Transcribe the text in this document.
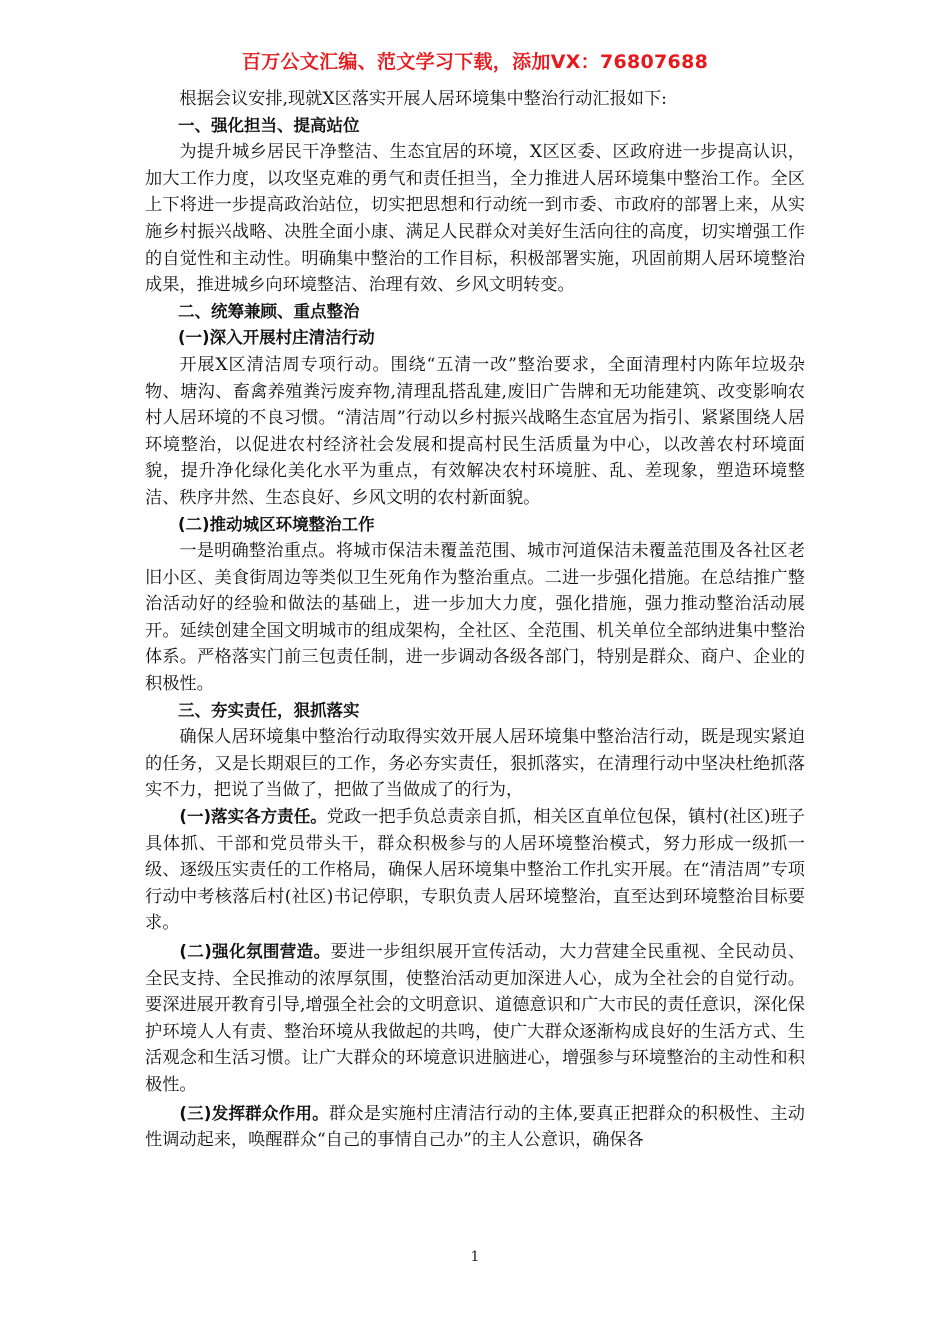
百万公文汇编、范文学习下载，添加VX：76807688

根据会议安排,现就X区落实开展人居环境集中整治行动汇报如下:

一、强化担当、提高站位

为提升城乡居民干净整洁、生态宜居的环境，X区区委、区政府进一步提高认识，加大工作力度，以攻坚克难的勇气和责任担当，全力推进人居环境集中整治工作。全区上下将进一步提高政治站位，切实把思想和行动统一到市委、市政府的部署上来，从实施乡村振兴战略、决胜全面小康、满足人民群众对美好生活向往的高度，切实增强工作的自觉性和主动性。明确集中整治的工作目标，积极部署实施，巩固前期人居环境整治成果，推进城乡向环境整洁、治理有效、乡风文明转变。

二、统筹兼顾、重点整治

(一)深入开展村庄清洁行动

开展X区清洁周专项行动。围绕“五清一改”整治要求，全面清理村内陈年垃圾杂物、塘沟、畜禽养殖粪污废弃物,清理乱搭乱建,废旧广告牌和无功能建筑、改变影响农村人居环境的不良习惯。“清洁周”行动以乡村振兴战略生态宜居为指引、紧紧围绕人居环境整治，以促进农村经济社会发展和提高村民生活质量为中心，以改善农村环境面貌，提升净化绿化美化水平为重点，有效解决农村环境脏、乱、差现象，塑造环境整洁、秩序井然、生态良好、乡风文明的农村新面貌。

(二)推动城区环境整治工作

一是明确整治重点。将城市保洁未覆盖范围、城市河道保洁未覆盖范围及各社区老旧小区、美食街周边等类似卫生死角作为整治重点。二进一步强化措施。在总结推广整治活动好的经验和做法的基础上，进一步加大力度，强化措施，强力推动整治活动展开。延续创建全国文明城市的组成架构，全社区、全范围、机关单位全部纳进集中整治体系。严格落实门前三包责任制，进一步调动各级各部门，特别是群众、商户、企业的积极性。

三、夯实责任，狠抓落实

确保人居环境集中整治行动取得实效开展人居环境集中整治洁行动，既是现实紧迫的任务，又是长期艰巨的工作，务必夯实责任，狠抓落实，在清理行动中坚决杜绝抓落实不力，把说了当做了，把做了当做成了的行为，

(一)落实各方责任。党政一把手负总责亲自抓，相关区直单位包保，镇村(社区)班子具体抓、干部和党员带头干，群众积极参与的人居环境整治模式，努力形成一级抓一级、逐级压实责任的工作格局，确保人居环境集中整治工作扎实开展。在“清洁周”专项行动中考核落后村(社区)书记停职，专职负责人居环境整治，直至达到环境整治目标要求。

(二)强化氛围营造。要进一步组织展开宣传活动，大力营建全民重视、全民动员、全民支持、全民推动的浓厚氛围，使整治活动更加深进人心，成为全社会的自觉行动。要深进展开教育引导,增强全社会的文明意识、道德意识和广大市民的责任意识，深化保护环境人人有责、整治环境从我做起的共鸣，使广大群众逐渐构成良好的生活方式、生活观念和生活习惯。让广大群众的环境意识进脑进心，增强参与环境整治的主动性和积极性。

(三)发挥群众作用。群众是实施村庄清洁行动的主体,要真正把群众的积极性、主动性调动起来，唤醒群众“自己的事情自己办”的主人公意识，确保各

1
